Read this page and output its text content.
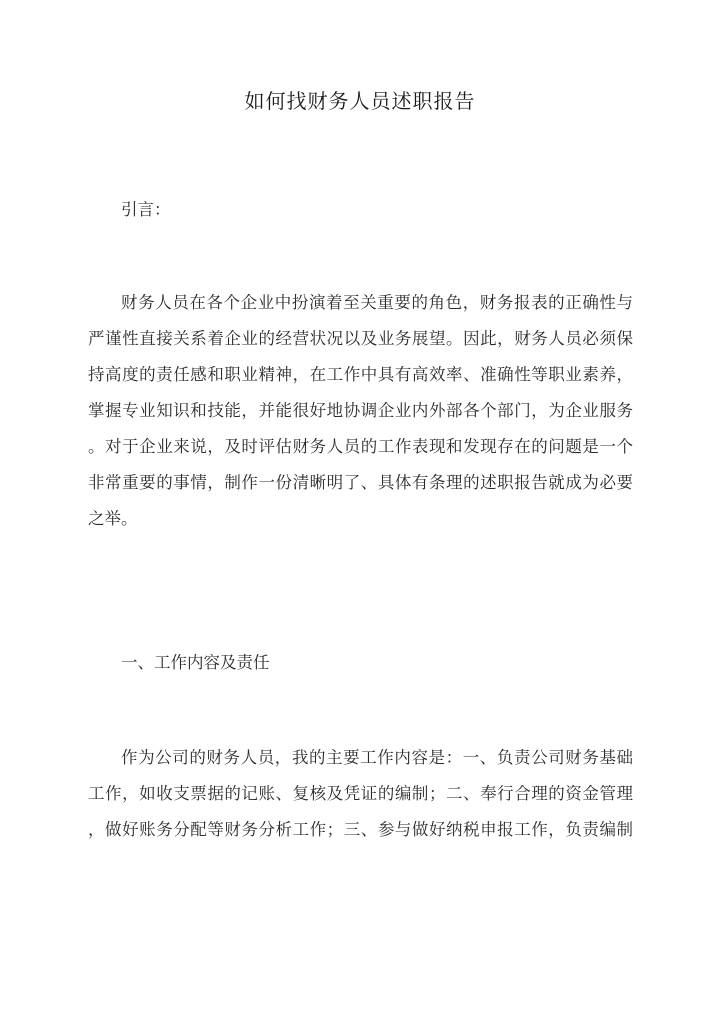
如何找财务人员述职报告

引言：

财务人员在各个企业中扮演着至关重要的角色，财务报表的正确性与

严谨性直接关系着企业的经营状况以及业务展望。因此，财务人员必须保

持高度的责任感和职业精神，在工作中具有高效率、准确性等职业素养，

掌握专业知识和技能，并能很好地协调企业内外部各个部门，为企业服务

。对于企业来说，及时评估财务人员的工作表现和发现存在的问题是一个

非常重要的事情，制作一份清晰明了、具体有条理的述职报告就成为必要

之举。

一、工作内容及责任

作为公司的财务人员，我的主要工作内容是：一、负责公司财务基础

工作，如收支票据的记账、复核及凭证的编制；二、奉行合理的资金管理

，做好账务分配等财务分析工作；三、参与做好纳税申报工作，负责编制
